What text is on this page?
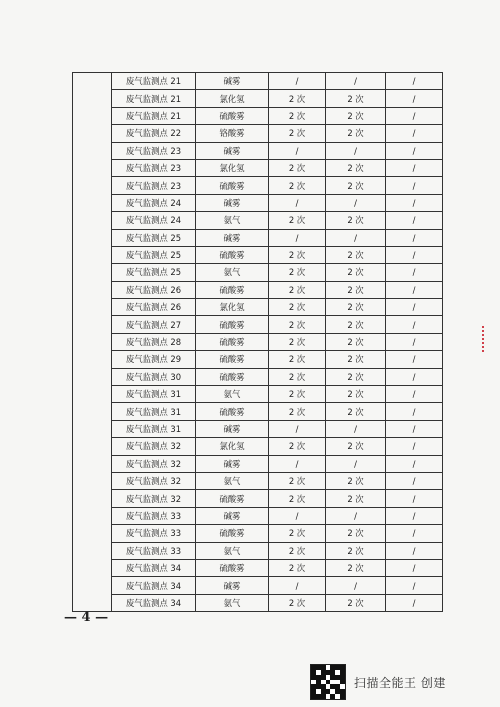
	废气监测点 21	碱雾	/	/	/
	废气监测点 21	氯化氢	2 次	2 次	/
	废气监测点 21	硫酸雾	2 次	2 次	/
	废气监测点 22	铬酸雾	2 次	2 次	/
	废气监测点 23	碱雾	/	/	/
	废气监测点 23	氯化氢	2 次	2 次	/
	废气监测点 23	硫酸雾	2 次	2 次	/
	废气监测点 24	碱雾	/	/	/
	废气监测点 24	氨气	2 次	2 次	/
	废气监测点 25	碱雾	/	/	/
	废气监测点 25	硫酸雾	2 次	2 次	/
	废气监测点 25	氨气	2 次	2 次	/
	废气监测点 26	硫酸雾	2 次	2 次	/
	废气监测点 26	氯化氢	2 次	2 次	/
	废气监测点 27	硫酸雾	2 次	2 次	/
	废气监测点 28	硫酸雾	2 次	2 次	/
	废气监测点 29	硫酸雾	2 次	2 次	/
	废气监测点 30	硫酸雾	2 次	2 次	/
	废气监测点 31	氨气	2 次	2 次	/
	废气监测点 31	硫酸雾	2 次	2 次	/
	废气监测点 31	碱雾	/	/	/
	废气监测点 32	氯化氢	2 次	2 次	/
	废气监测点 32	碱雾	/	/	/
	废气监测点 32	氨气	2 次	2 次	/
	废气监测点 32	硫酸雾	2 次	2 次	/
	废气监测点 33	碱雾	/	/	/
	废气监测点 33	硫酸雾	2 次	2 次	/
	废气监测点 33	氨气	2 次	2 次	/
	废气监测点 34	硫酸雾	2 次	2 次	/
	废气监测点 34	碱雾	/	/	/
	废气监测点 34	氨气	2 次	2 次	/
— 4 —
扫描全能王 创建
